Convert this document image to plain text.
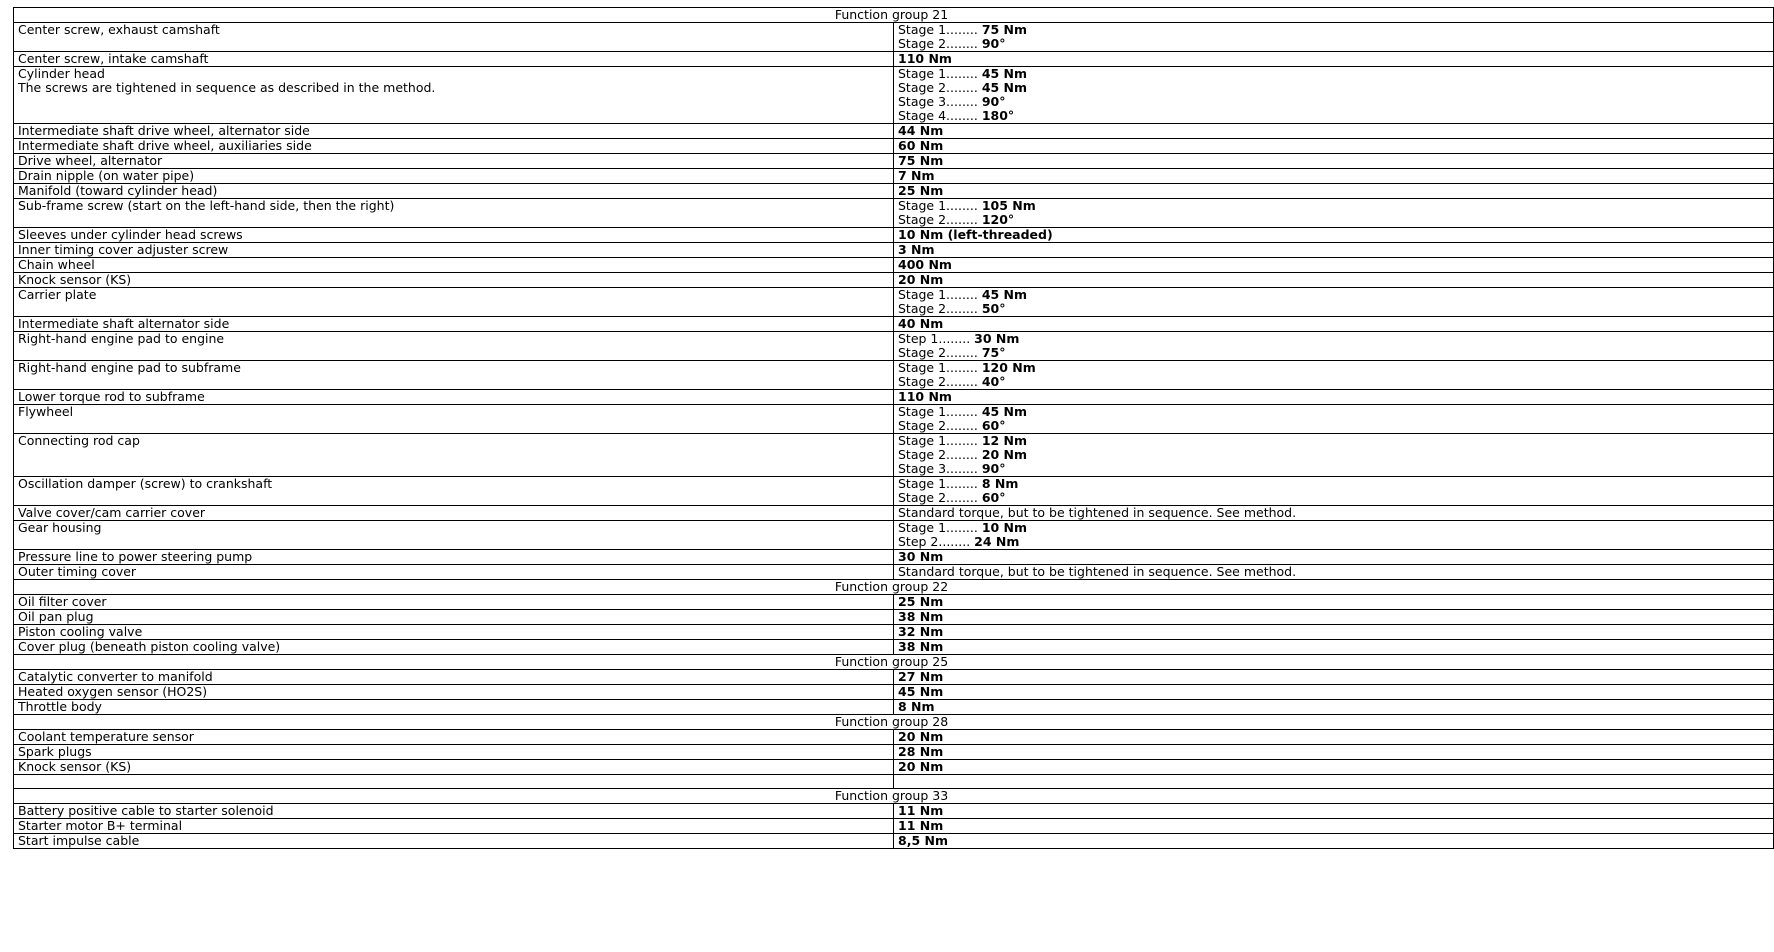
Function group 21	

Center screw, exhaust camshaft	Stage 1........ 75 Nm
Stage 2........ 90°

Center screw, intake camshaft	110 Nm

Cylinder head
The screws are tightened in sequence as described in the method.	Stage 1........ 45 Nm
Stage 2........ 45 Nm
Stage 3........ 90°
Stage 4........ 180°

Intermediate shaft drive wheel, alternator side	44 Nm

Intermediate shaft drive wheel, auxiliaries side	60 Nm

Drive wheel, alternator	75 Nm

Drain nipple (on water pipe)	7 Nm

Manifold (toward cylinder head)	25 Nm

Sub-frame screw (start on the left-hand side, then the right)	Stage 1........ 105 Nm
Stage 2........ 120°

Sleeves under cylinder head screws	10 Nm (left-threaded)

Inner timing cover adjuster screw	3 Nm

Chain wheel	400 Nm

Knock sensor (KS)	20 Nm

Carrier plate	Stage 1........ 45 Nm
Stage 2........ 50°

Intermediate shaft alternator side	40 Nm

Right-hand engine pad to engine	Step 1........ 30 Nm
Stage 2........ 75°

Right-hand engine pad to subframe	Stage 1........ 120 Nm
Stage 2........ 40°

Lower torque rod to subframe	110 Nm

Flywheel	Stage 1........ 45 Nm
Stage 2........ 60°

Connecting rod cap	Stage 1........ 12 Nm
Stage 2........ 20 Nm
Stage 3........ 90°

Oscillation damper (screw) to crankshaft	Stage 1........ 8 Nm
Stage 2........ 60°

Valve cover/cam carrier cover	Standard torque, but to be tightened in sequence. See method.

Gear housing	Stage 1........ 10 Nm
Step 2........ 24 Nm

Pressure line to power steering pump	30 Nm

Outer timing cover	Standard torque, but to be tightened in sequence. See method.

Function group 22	

Oil filter cover	25 Nm

Oil pan plug	38 Nm

Piston cooling valve	32 Nm

Cover plug (beneath piston cooling valve)	38 Nm

Function group 25	

Catalytic converter to manifold	27 Nm

Heated oxygen sensor (HO2S)	45 Nm

Throttle body	8 Nm

Function group 28	

Coolant temperature sensor	20 Nm

Spark plugs	28 Nm

Knock sensor (KS)	20 Nm

Function group 33	

Battery positive cable to starter solenoid	11 Nm

Starter motor B+ terminal	11 Nm

Start impulse cable	8,5 Nm
